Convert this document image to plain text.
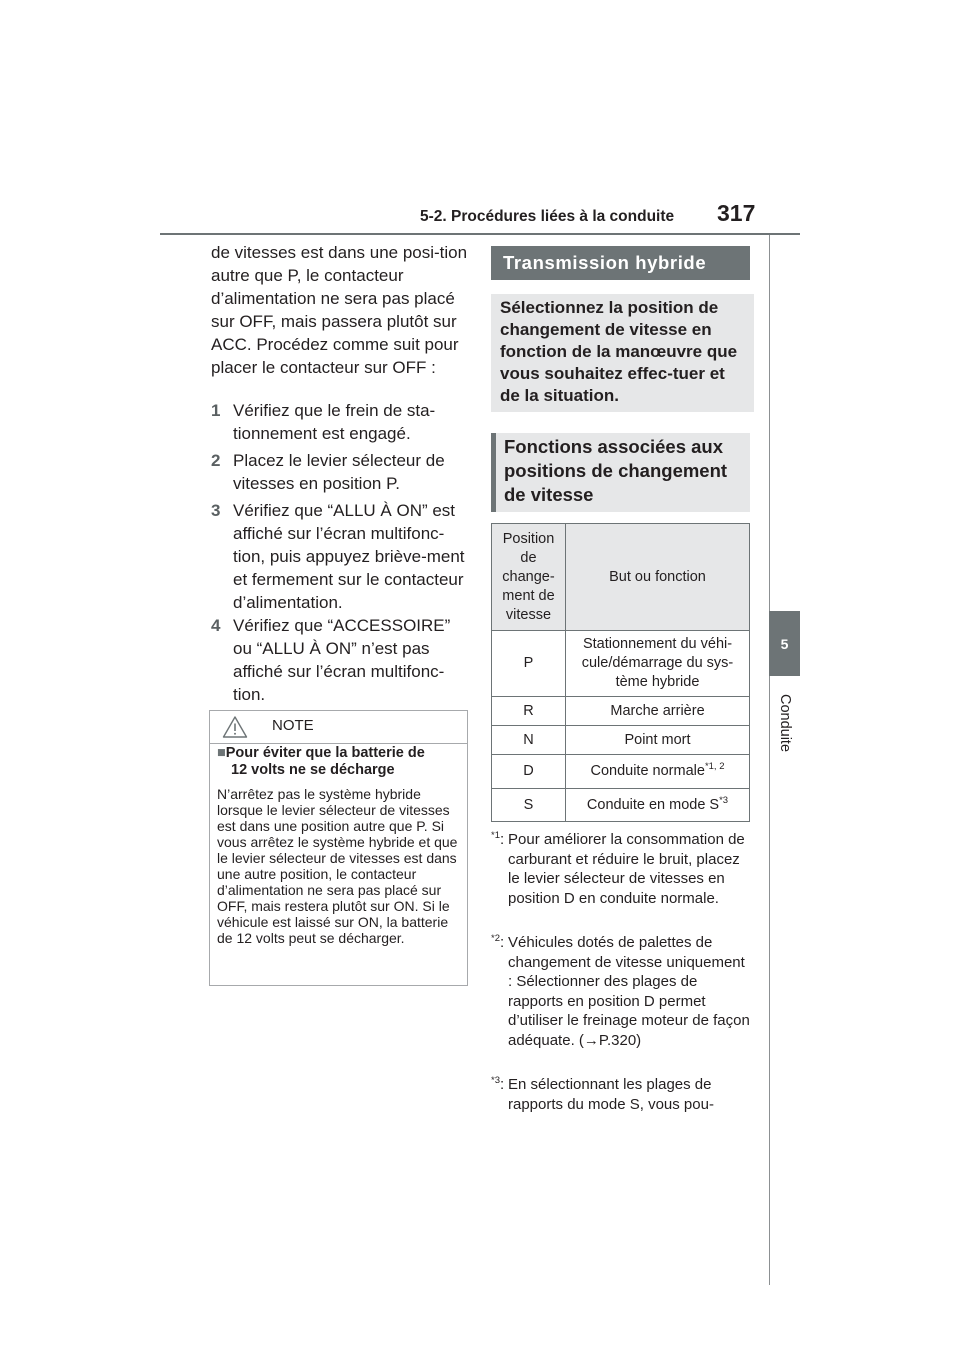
5-2. Procédures liées à la conduite 317
5
Conduite
de vitesses est dans une posi-tion autre que P, le contacteur d’alimentation ne sera pas placé sur OFF, mais passera plutôt sur ACC. Procédez comme suit pour placer le contacteur sur OFF :
1 Vérifiez que le frein de sta-tionnement est engagé.
2 Placez le levier sélecteur de vitesses en position P.
3 Vérifiez que “ALLU À ON” est affiché sur l’écran multifonc-tion, puis appuyez briève-ment et fermement sur le contacteur d’alimentation.
4 Vérifiez que “ACCESSOIRE” ou “ALLU À ON” n’est pas affiché sur l’écran multifonc-tion.
NOTE
■Pour éviter que la batterie de
12 volts ne se décharge
N’arrêtez pas le système hybride lorsque le levier sélecteur de vitesses est dans une position autre que P. Si vous arrêtez le système hybride et que le levier sélecteur de vitesses est dans une autre position, le contacteur d’alimentation ne sera pas placé sur OFF, mais restera plutôt sur ON. Si le véhicule est laissé sur ON, la batterie de 12 volts peut se décharger.
Transmission hybride
Sélectionnez la position de changement de vitesse en fonction de la manœuvre que vous souhaitez effec-tuer et de la situation.
Fonctions associées aux positions de changement de vitesse
Position de change-ment de vitesse	But ou fonction
P	Stationnement du véhi-cule/démarrage du sys-tème hybride
R	Marche arrière
N	Point mort
D	Conduite normale$^{*1, 2}$
S	Conduite en mode $S^{*3}$
$^{*1}$: Pour améliorer la consommation de carburant et réduire le bruit, placez le levier sélecteur de vitesses en position D en conduite normale.
$^{*2}$: Véhicules dotés de palettes de changement de vitesse uniquement : Sélectionner des plages de rapports en position D permet d’utiliser le freinage moteur de façon adéquate. (→P.320)
$^{*3}$: En sélectionnant les plages de rapports du mode S, vous pou-
